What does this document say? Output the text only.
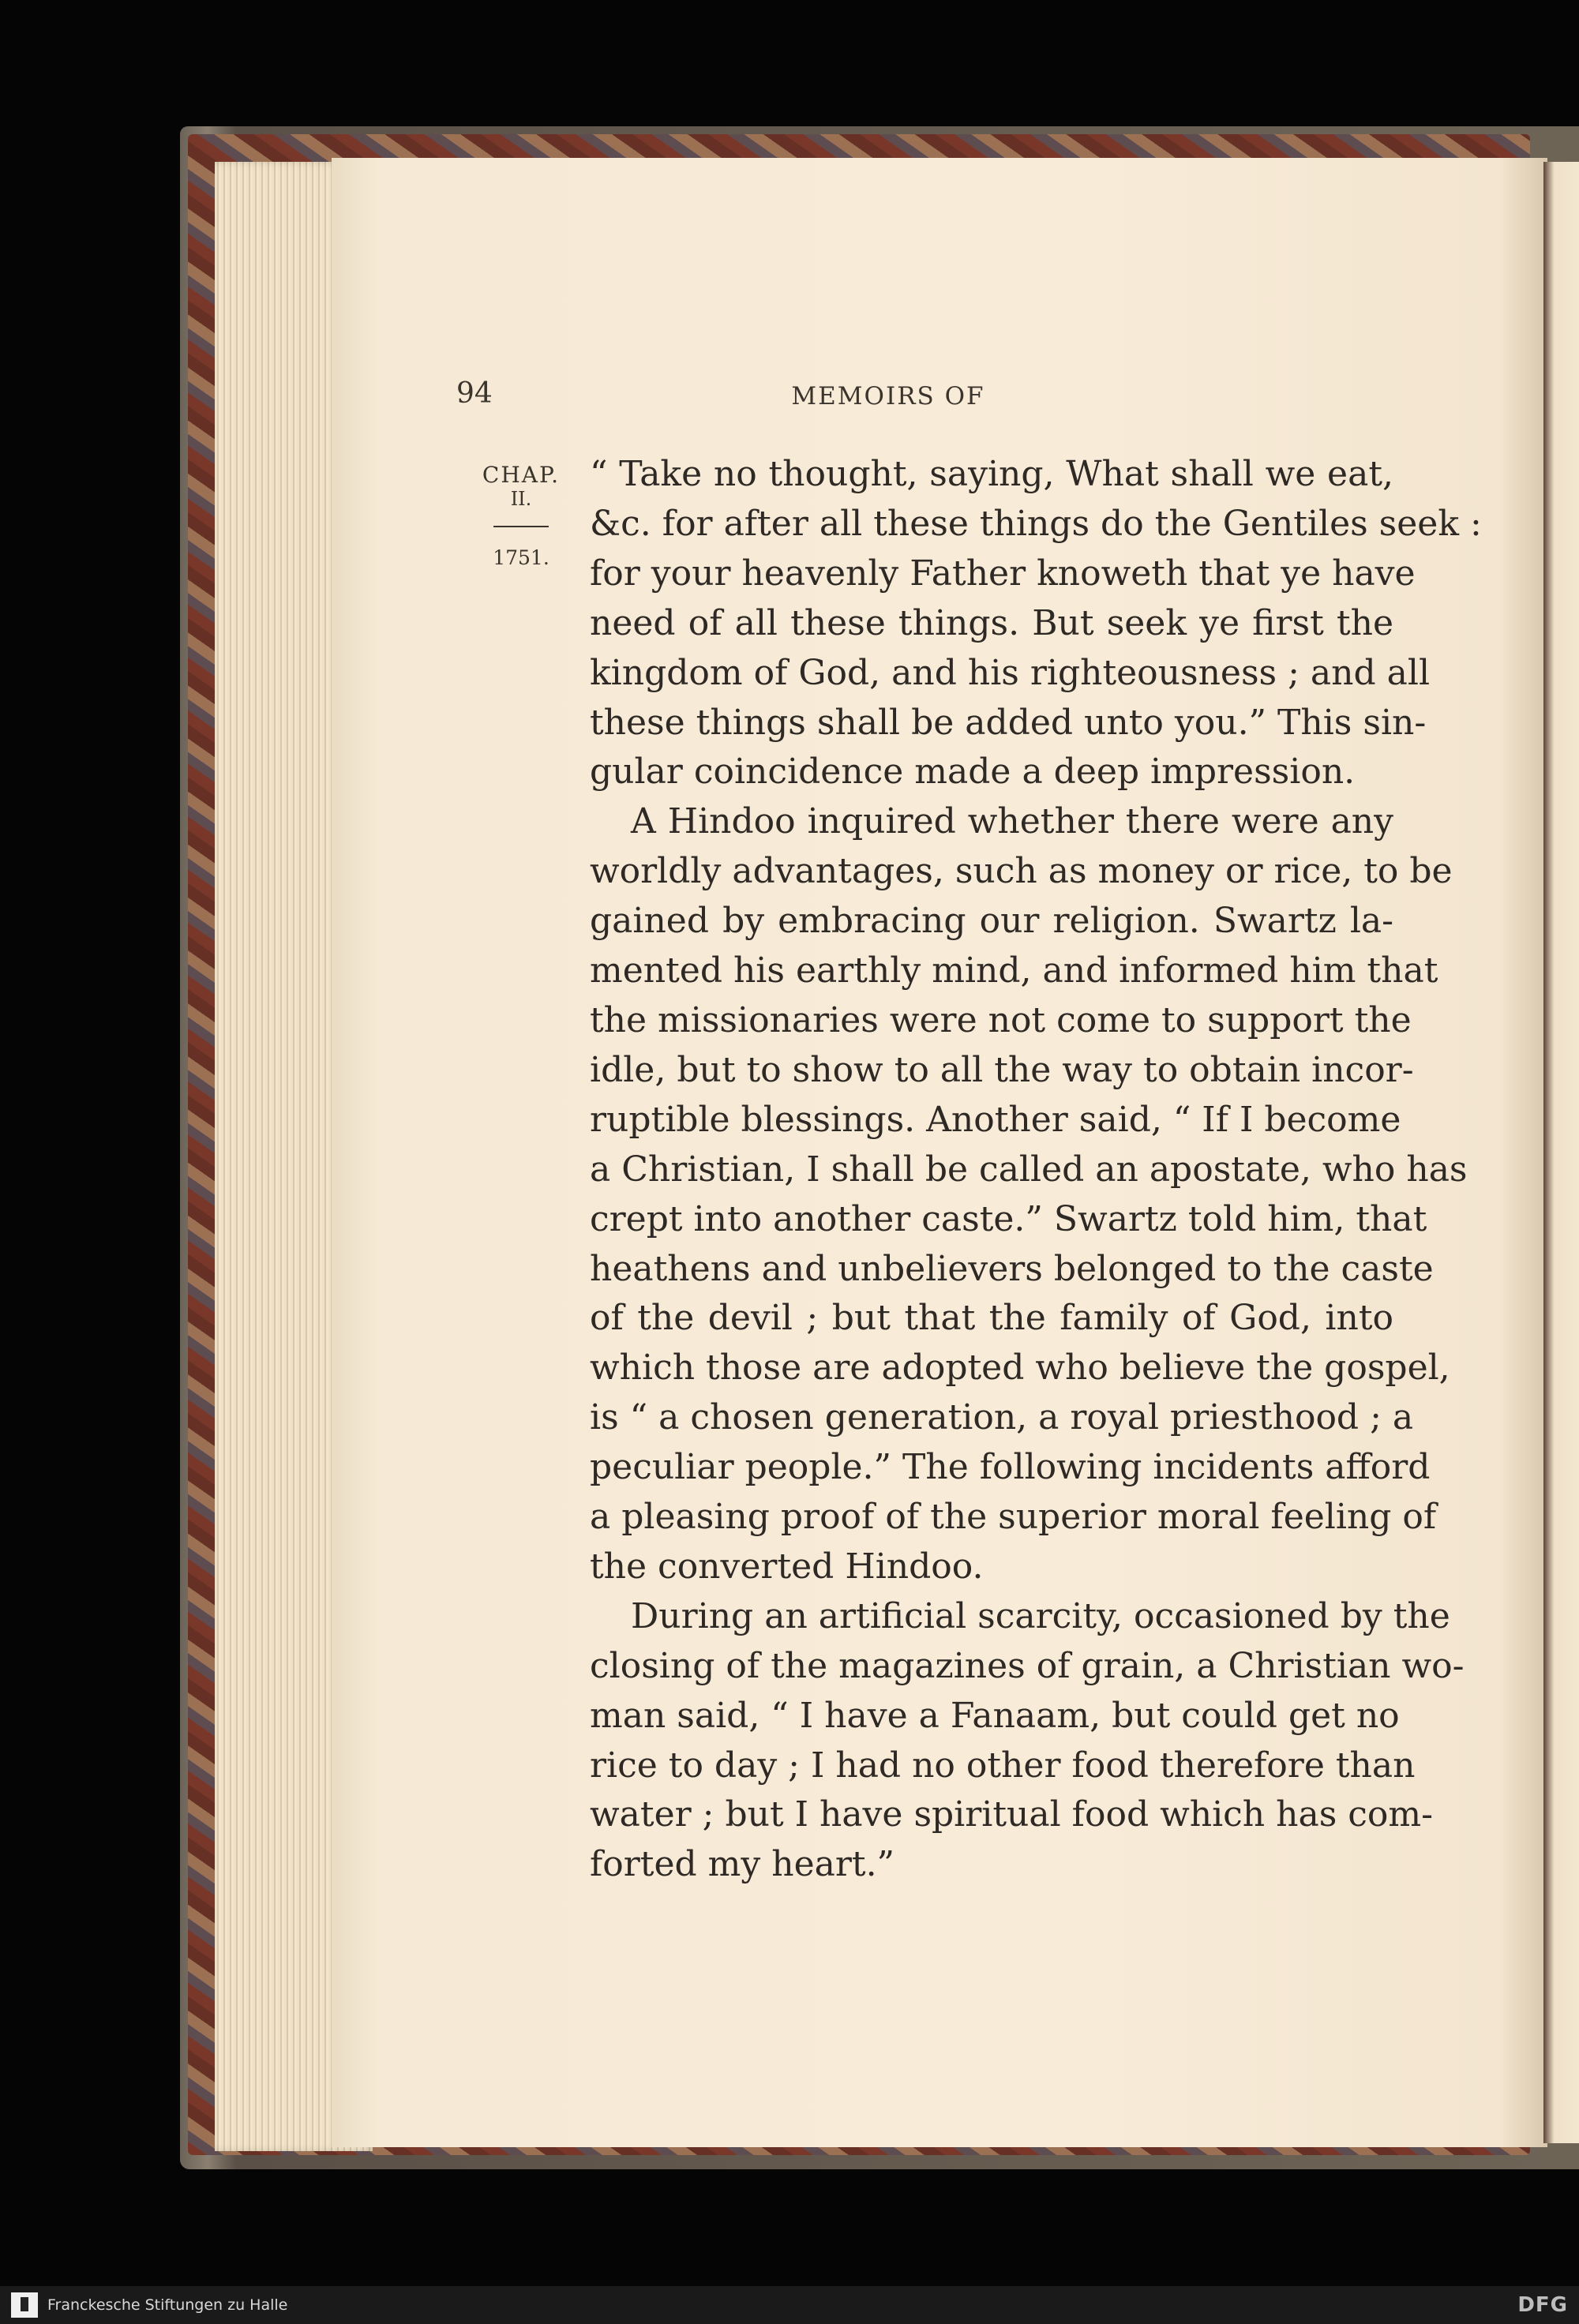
94	MEMOIRS OF
CHAP.
II.
1751.
“ Take no thought, saying, What shall we eat,
&c. for after all these things do the Gentiles seek :
for your heavenly Father knoweth that ye have
need of all these things. But seek ye first the
kingdom of God, and his righteousness ; and all
these things shall be added unto you.” This sin-
gular coincidence made a deep impression.
A Hindoo inquired whether there were any
worldly advantages, such as money or rice, to be
gained by embracing our religion. Swartz la-
mented his earthly mind, and informed him that
the missionaries were not come to support the
idle, but to show to all the way to obtain incor-
ruptible blessings. Another said, “ If I become
a Christian, I shall be called an apostate, who has
crept into another caste.” Swartz told him, that
heathens and unbelievers belonged to the caste
of the devil ; but that the family of God, into
which those are adopted who believe the gospel,
is “ a chosen generation, a royal priesthood ; a
peculiar people.” The following incidents afford
a pleasing proof of the superior moral feeling of
the converted Hindoo.
During an artificial scarcity, occasioned by the
closing of the magazines of grain, a Christian wo-
man said, “ I have a Fanaam, but could get no
rice to day ; I had no other food therefore than
water ; but I have spiritual food which has com-
forted my heart.”
Franckesche Stiftungen zu Halle	DFG
